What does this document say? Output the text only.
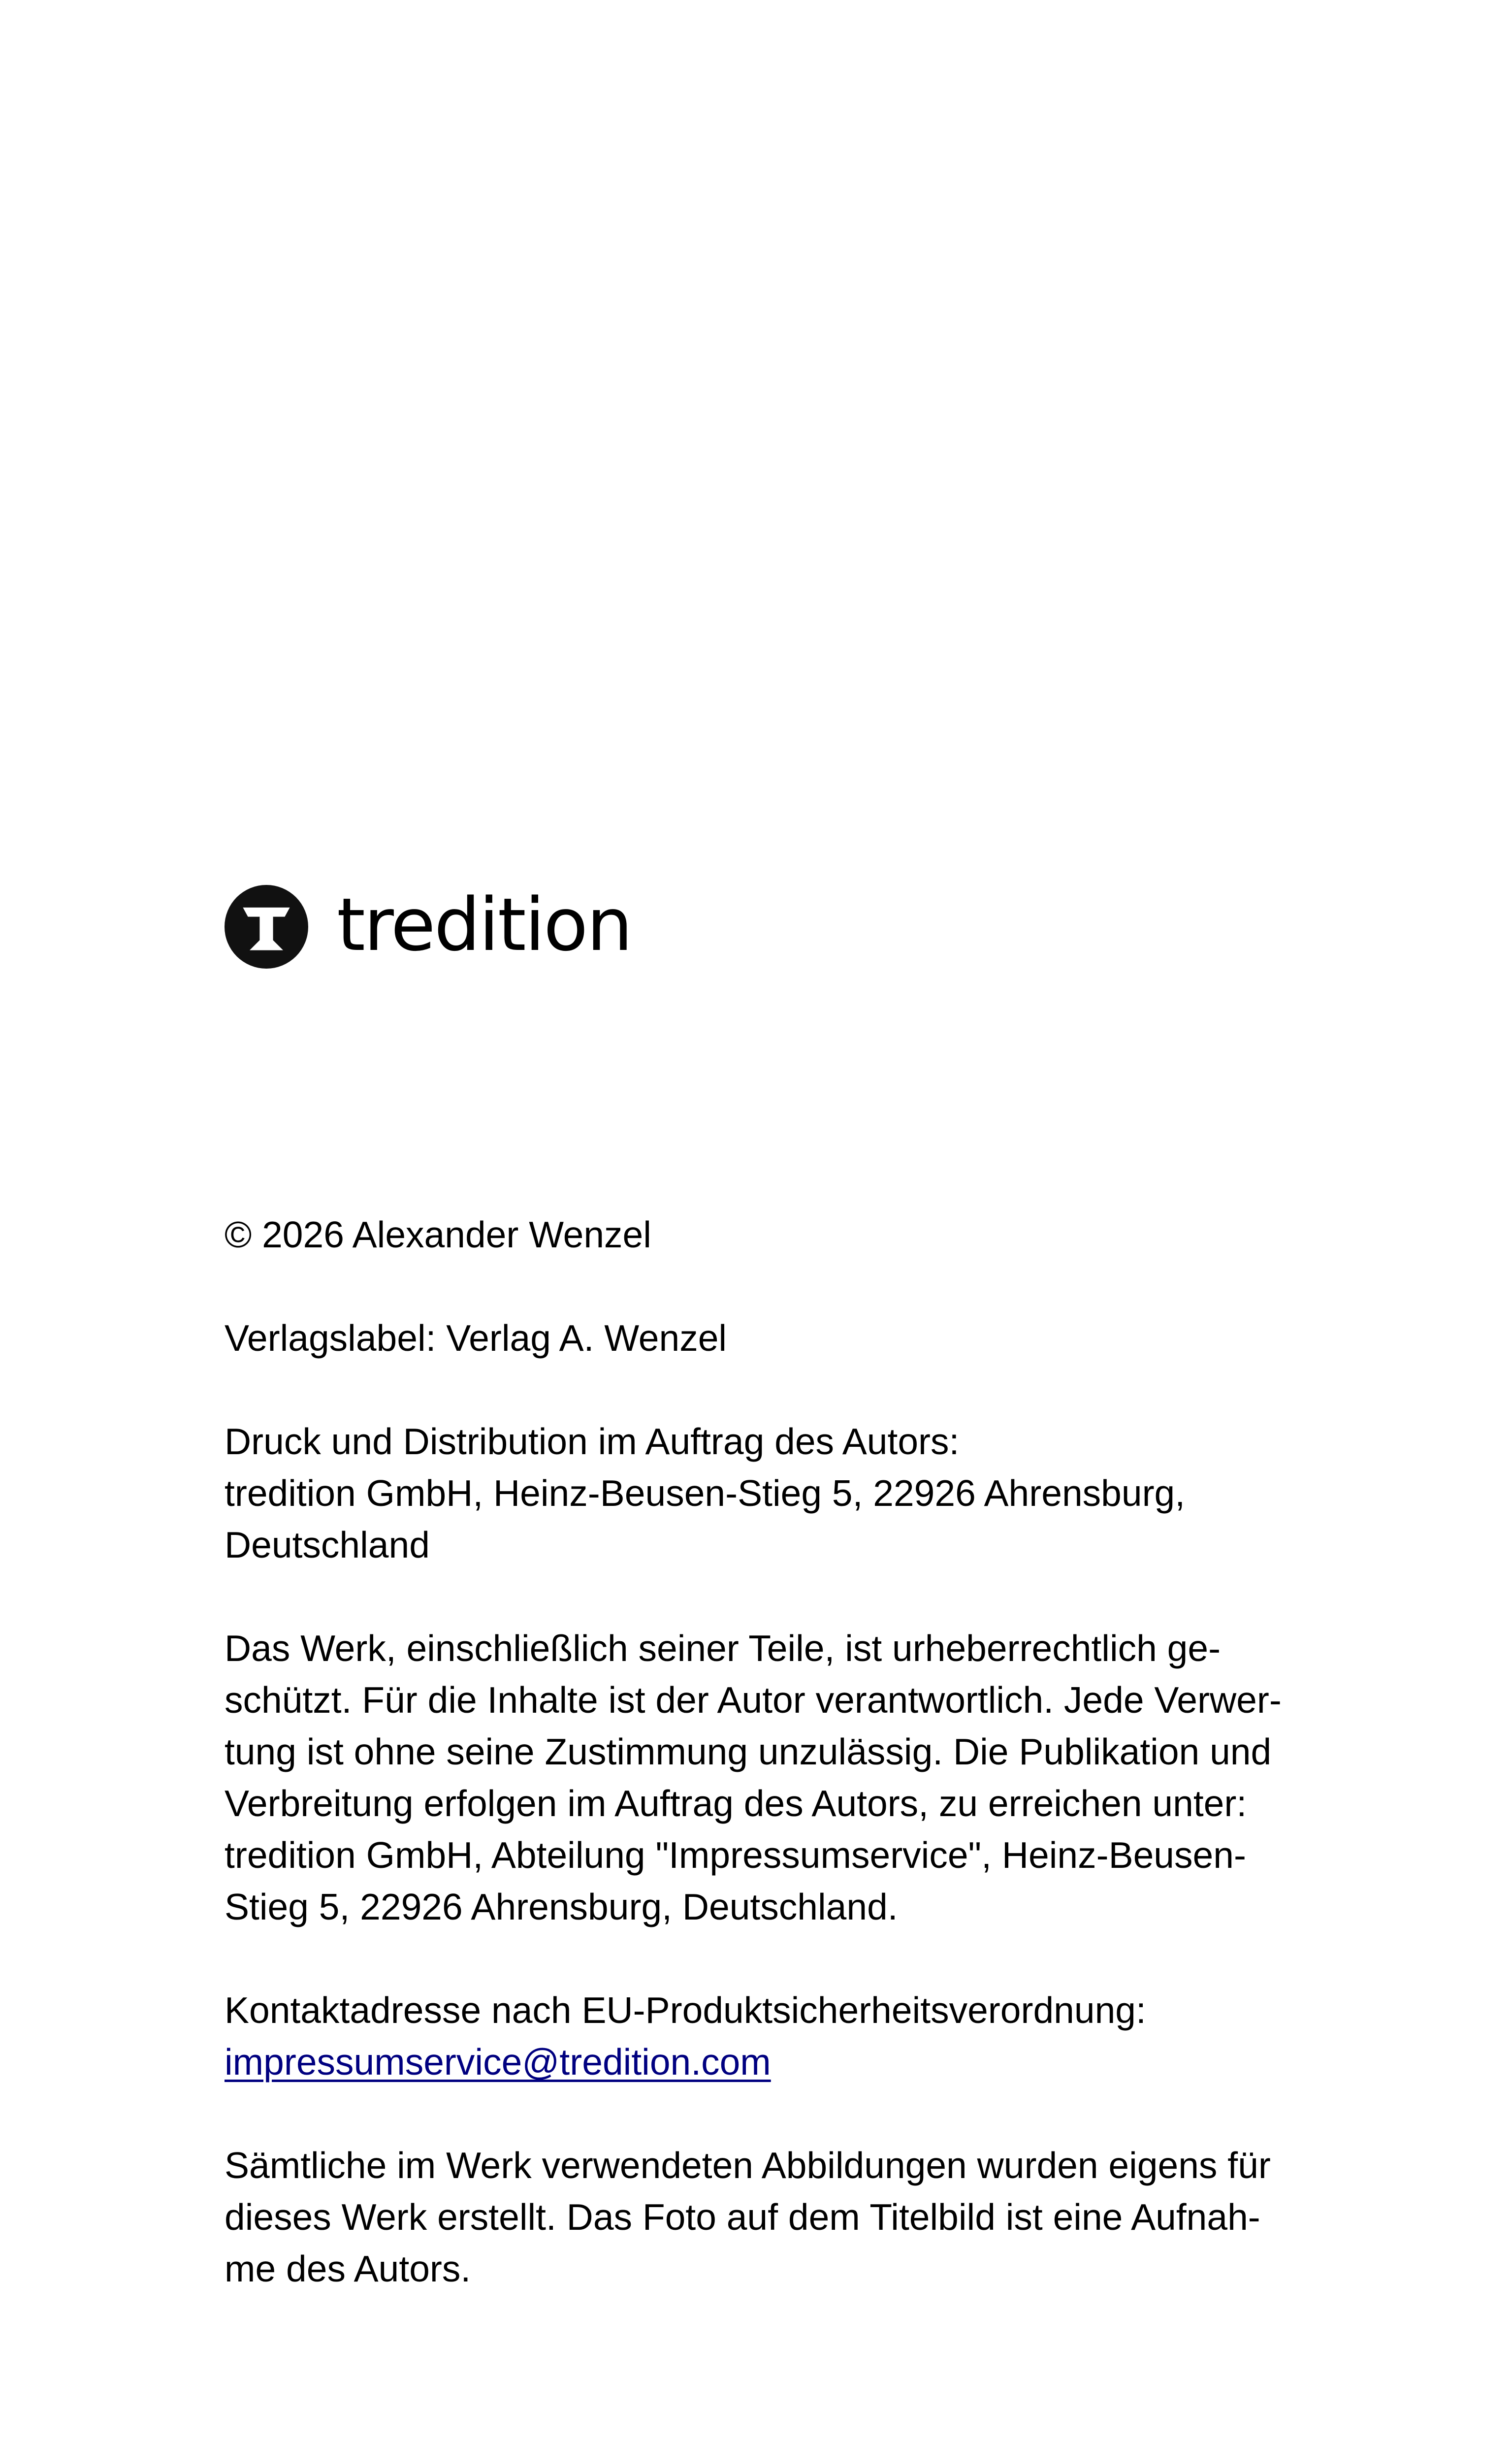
tredition

© 2026 Alexander Wenzel

Verlagslabel: Verlag A. Wenzel

Druck und Distribution im Auftrag des Autors:
tredition GmbH, Heinz-Beusen-Stieg 5, 22926 Ahrensburg,
Deutschland

Das Werk, einschließlich seiner Teile, ist urheberrechtlich ge-
schützt. Für die Inhalte ist der Autor verantwortlich. Jede Verwer-
tung ist ohne seine Zustimmung unzulässig. Die Publikation und
Verbreitung erfolgen im Auftrag des Autors, zu erreichen unter:
tredition GmbH, Abteilung "Impressumservice", Heinz-Beusen-
Stieg 5, 22926 Ahrensburg, Deutschland.

Kontaktadresse nach EU-Produktsicherheitsverordnung:
impressumservice@tredition.com

Sämtliche im Werk verwendeten Abbildungen wurden eigens für
dieses Werk erstellt. Das Foto auf dem Titelbild ist eine Aufnah-
me des Autors.
